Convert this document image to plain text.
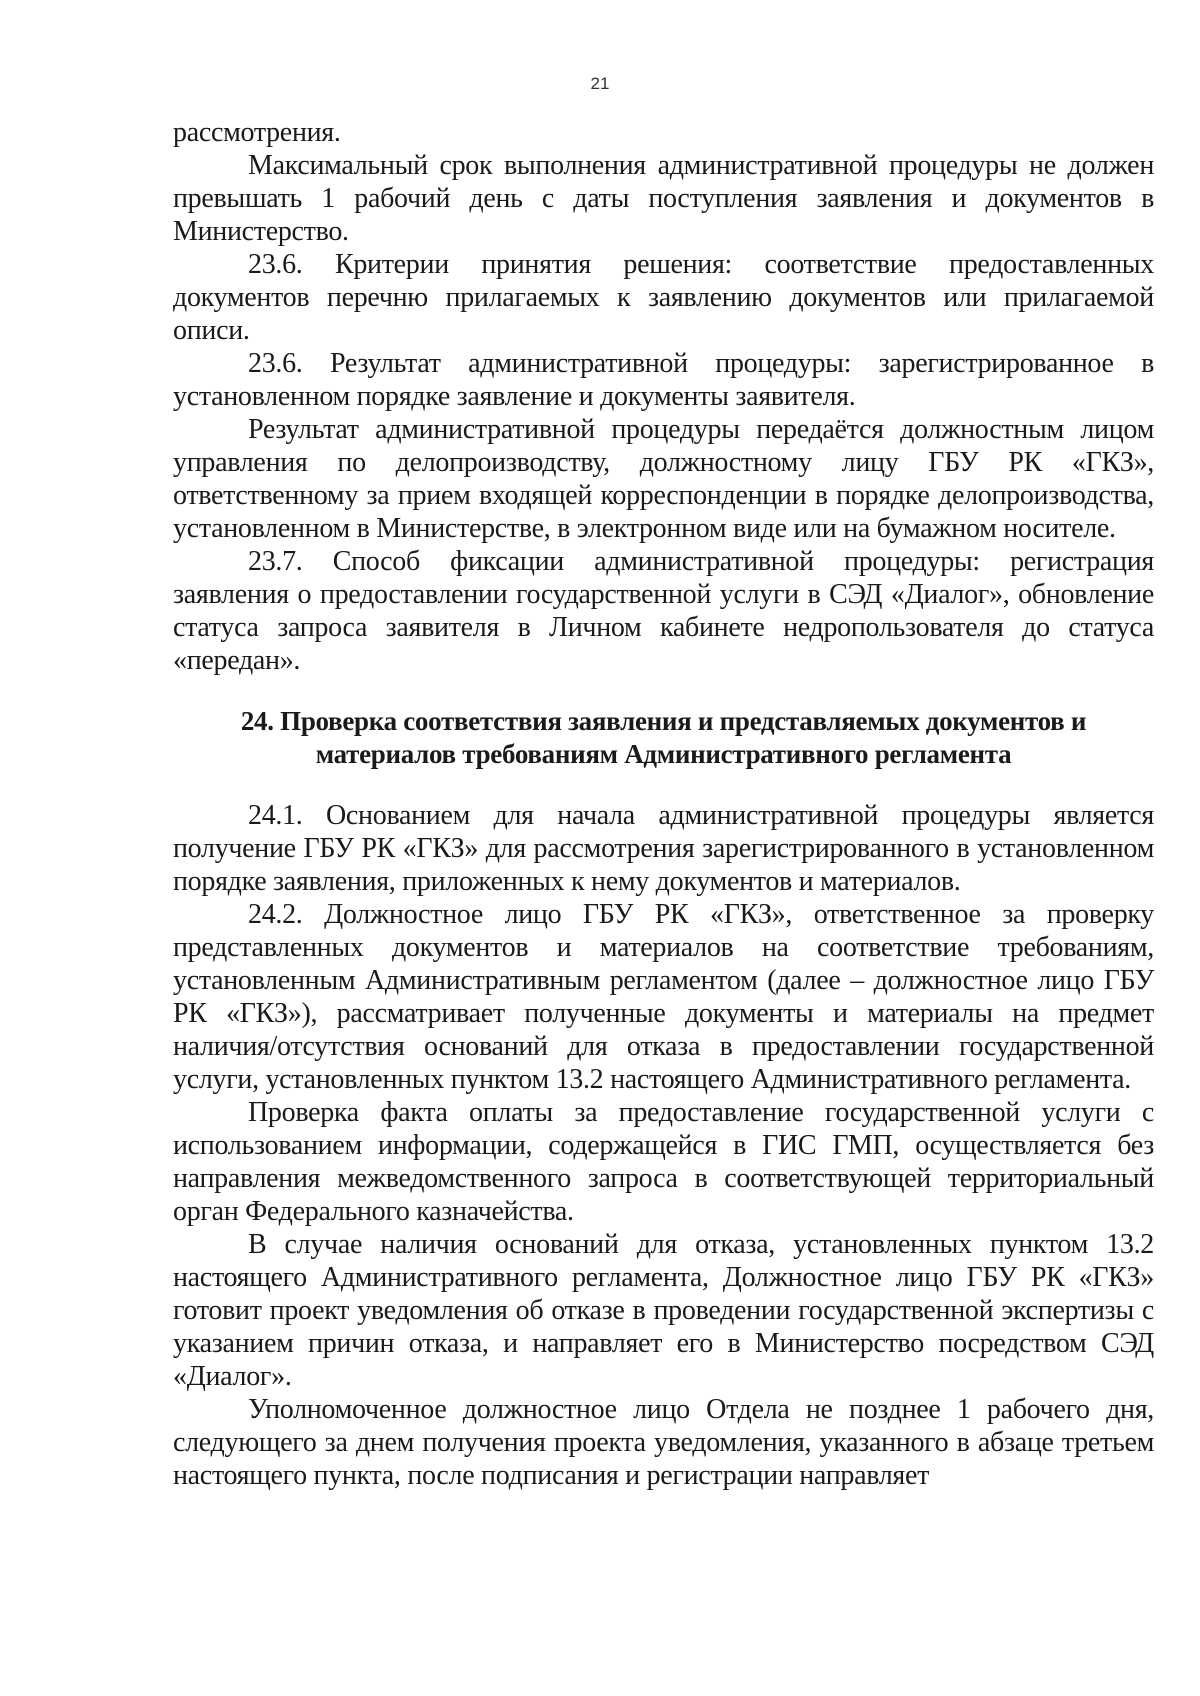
21

рассмотрения.

Максимальный срок выполнения административной процедуры не должен превышать 1 рабочий день с даты поступления заявления и документов в Министерство.

23.6. Критерии принятия решения: соответствие предоставленных документов перечню прилагаемых к заявлению документов или прилагаемой описи.

23.6. Результат административной процедуры: зарегистрированное в установленном порядке заявление и документы заявителя.

Результат административной процедуры передаётся должностным лицом управления по делопроизводству, должностному лицу ГБУ РК «ГКЗ», ответственному за прием входящей корреспонденции в порядке делопроизводства, установленном в Министерстве, в электронном виде или на бумажном носителе.

23.7. Способ фиксации административной процедуры: регистрация заявления о предоставлении государственной услуги в СЭД «Диалог», обновление статуса запроса заявителя в Личном кабинете недропользователя до статуса «передан».

24. Проверка соответствия заявления и представляемых документов и материалов требованиям Административного регламента

24.1. Основанием для начала административной процедуры является получение ГБУ РК «ГКЗ» для рассмотрения зарегистрированного в установленном порядке заявления, приложенных к нему документов и материалов.

24.2. Должностное лицо ГБУ РК «ГКЗ», ответственное за проверку представленных документов и материалов на соответствие требованиям, установленным Административным регламентом (далее – должностное лицо ГБУ РК «ГКЗ»), рассматривает полученные документы и материалы на предмет наличия/отсутствия оснований для отказа в предоставлении государственной услуги, установленных пунктом 13.2 настоящего Административного регламента.

Проверка факта оплаты за предоставление государственной услуги с использованием информации, содержащейся в ГИС ГМП, осуществляется без направления межведомственного запроса в соответствующей территориальный орган Федерального казначейства.

В случае наличия оснований для отказа, установленных пунктом 13.2 настоящего Административного регламента, Должностное лицо ГБУ РК «ГКЗ» готовит проект уведомления об отказе в проведении государственной экспертизы с указанием причин отказа, и направляет его в Министерство посредством СЭД «Диалог».

Уполномоченное должностное лицо Отдела не позднее 1 рабочего дня, следующего за днем получения проекта уведомления, указанного в абзаце третьем настоящего пункта, после подписания и регистрации направляет
